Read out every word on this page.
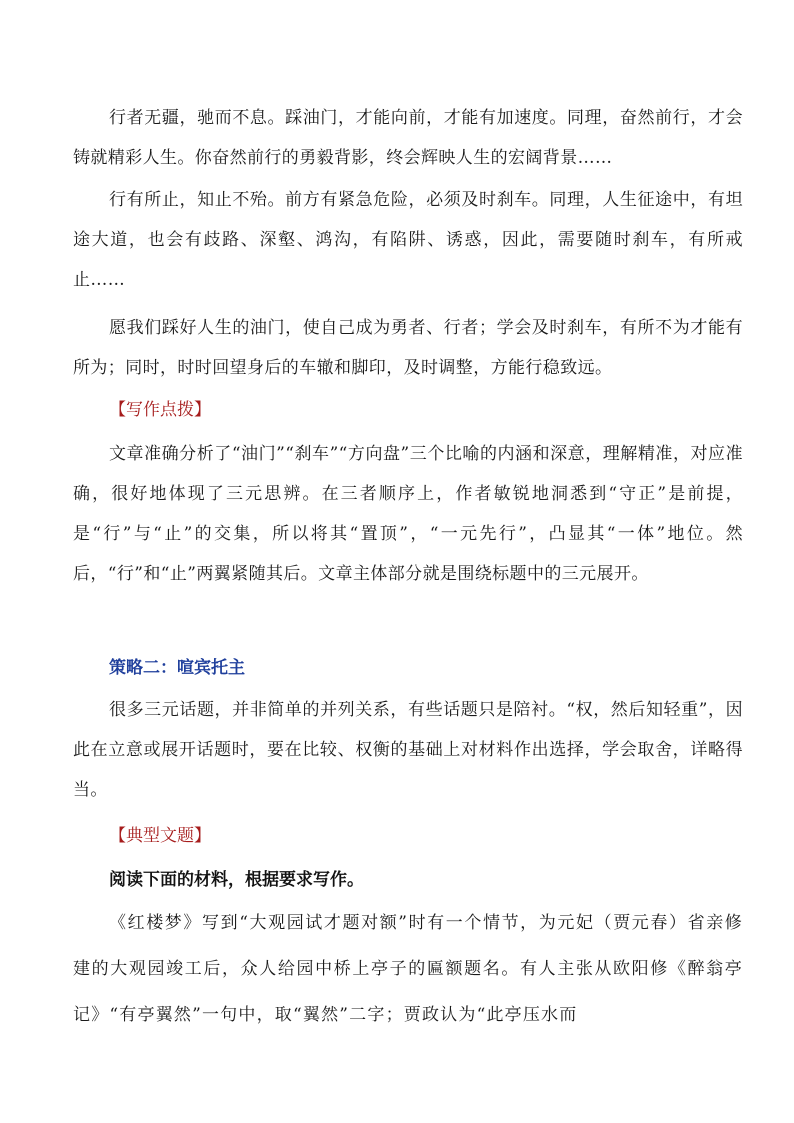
行者无疆，驰而不息。踩油门，才能向前，才能有加速度。同理，奋然前行，才会铸就精彩人生。你奋然前行的勇毅背影，终会辉映人生的宏阔背景……

行有所止，知止不殆。前方有紧急危险，必须及时刹车。同理，人生征途中，有坦途大道，也会有歧路、深壑、鸿沟，有陷阱、诱惑，因此，需要随时刹车，有所戒止……

愿我们踩好人生的油门，使自己成为勇者、行者；学会及时刹车，有所不为才能有所为；同时，时时回望身后的车辙和脚印，及时调整，方能行稳致远。

【写作点拨】

文章准确分析了“油门”“刹车”“方向盘”三个比喻的内涵和深意，理解精准，对应准确，很好地体现了三元思辨。在三者顺序上，作者敏锐地洞悉到“守正”是前提，是“行”与“止”的交集，所以将其“置顶”，“一元先行”，凸显其“一体”地位。然后，“行”和“止”两翼紧随其后。文章主体部分就是围绕标题中的三元展开。

策略二：喧宾托主

很多三元话题，并非简单的并列关系，有些话题只是陪衬。“权，然后知轻重”，因此在立意或展开话题时，要在比较、权衡的基础上对材料作出选择，学会取舍，详略得当。

【典型文题】
阅读下面的材料，根据要求写作。

《红楼梦》写到“大观园试才题对额”时有一个情节，为元妃（贾元春）省亲修建的大观园竣工后，众人给园中桥上亭子的匾额题名。有人主张从欧阳修《醉翁亭记》“有亭翼然”一句中，取“翼然”二字；贾政认为“此亭压水而
